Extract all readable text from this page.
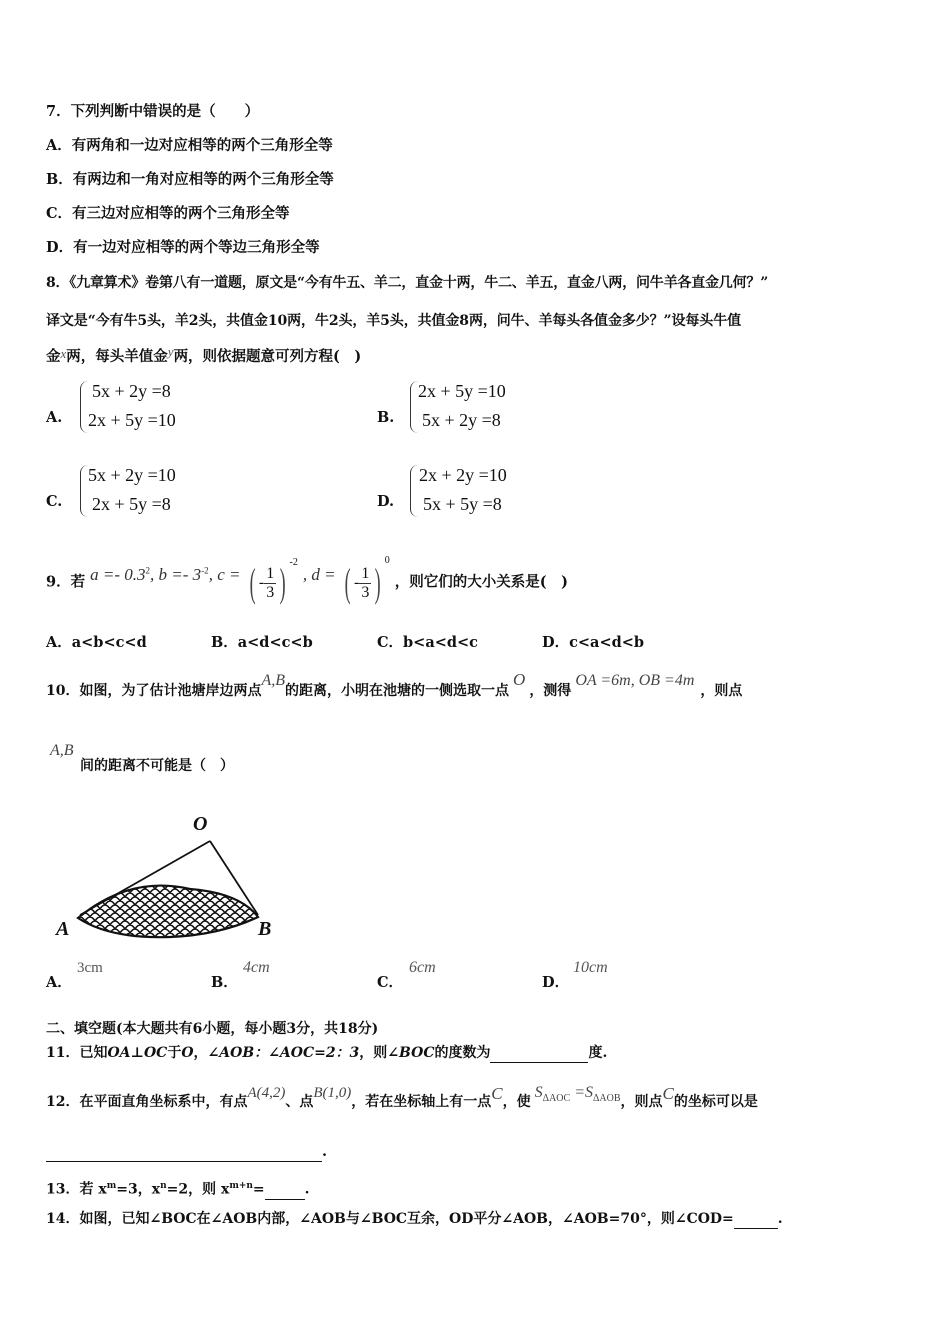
7．下列判断中错误的是（　　）
A．有两角和一边对应相等的两个三角形全等
B．有两边和一角对应相等的两个三角形全等
C．有三边对应相等的两个三角形全等
D．有一边对应相等的两个等边三角形全等
8．《九章算术》卷第八有一道题，原文是“今有牛五、羊二，直金十两，牛二、羊五，直金八两，问牛羊各直金几何？”
译文是“今有牛5头，羊2头，共值金10两，牛2头，羊5头，共值金8两，问牛、羊每头各值金多少？”设每头牛值
金x两，每头羊值金y两，则依据题意可列方程(　)
A.
5x + 2y =8
2x + 5y =10	B.
2x + 5y =10
5x + 2y =8
C.
5x + 2y =10
2x + 5y =8	D.
2x + 2y =10
5x + 5y =8
9．若 $a =- 0.3^2$, $b =- 3^{-2}$, c = ( - $\frac{1}{3}$ ) $^{-2}$ , d = ( - $\frac{1}{3}$ ) $^0$ ，则它们的大小关系是(　)
A．a<b<c<d	B．a<d<c<b	C．b<a<d<c	D．c<a<d<b
10．如图，为了估计池塘岸边两点A,B的距离，小明在池塘的一侧选取一点O，测得OA =6m, OB =4m，则点
A,B
间的距离不可能是（　）
O
A	B
A．
3cm
B．
4cm
C．
6cm
D．
10cm
二、填空题(本大题共有6小题，每小题3分，共18分)
11．已知OA⊥OC于O，∠AOB：∠AOC=2：3，则∠BOC的度数为	度.
12．在平面直角坐标系中，有点A(4,2)、点B(1,0)，若在坐标轴上有一点C，使$S_{\Delta AOC} =S_{\Delta AOB}$，则点C的坐标可以是
.
13．若 $x^m=3$，$x^n=2$，则 $x^{m+n}=$	.
14．如图，已知∠BOC在∠AOB内部，∠AOB与∠BOC互余，OD平分∠AOB，∠AOB=70°，则∠COD=	.
